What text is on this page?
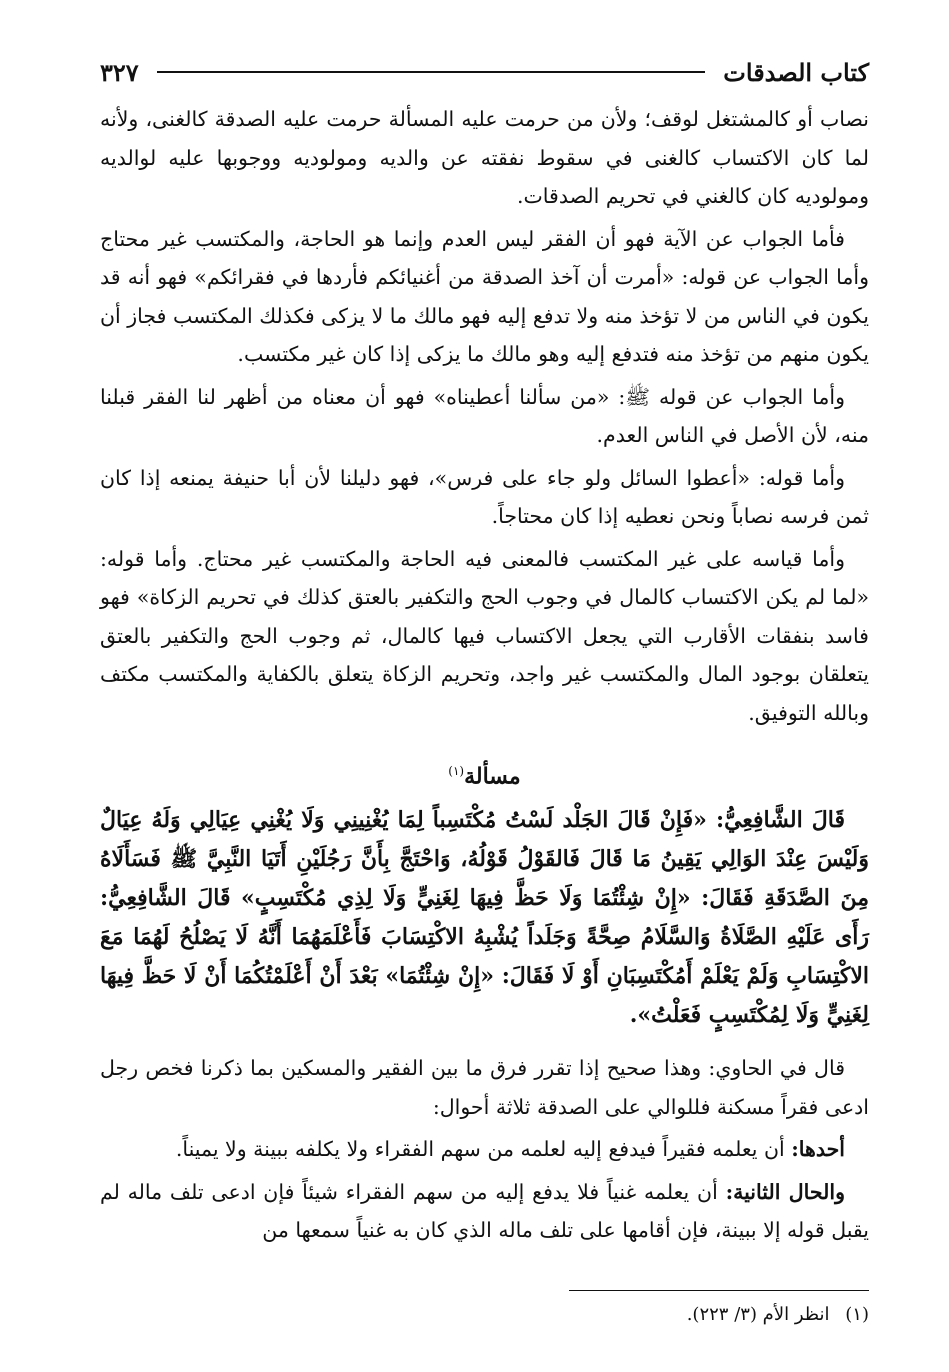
كتاب الصدقات
٣٢٧

نصاب أو كالمشتغل لوقف؛ ولأن من حرمت عليه المسألة حرمت عليه الصدقة كالغنى، ولأنه لما كان الاكتساب كالغنى في سقوط نفقته عن والديه ومولوديه ووجوبها عليه لوالديه ومولوديه كان كالغني في تحريم الصدقات.

فأما الجواب عن الآية فهو أن الفقر ليس العدم وإنما هو الحاجة، والمكتسب غير محتاج وأما الجواب عن قوله: «أمرت أن آخذ الصدقة من أغنيائكم فأردها في فقرائكم» فهو أنه قد يكون في الناس من لا تؤخذ منه ولا تدفع إليه فهو مالك ما لا يزكى فكذلك المكتسب فجاز أن يكون منهم من تؤخذ منه فتدفع إليه وهو مالك ما يزكى إذا كان غير مكتسب.

وأما الجواب عن قوله ﷺ: «من سألنا أعطيناه» فهو أن معناه من أظهر لنا الفقر قبلنا منه، لأن الأصل في الناس العدم.

وأما قوله: «أعطوا السائل ولو جاء على فرس»، فهو دليلنا لأن أبا حنيفة يمنعه إذا كان ثمن فرسه نصاباً ونحن نعطيه إذا كان محتاجاً.

وأما قياسه على غير المكتسب فالمعنى فيه الحاجة والمكتسب غير محتاج. وأما قوله: «لما لم يكن الاكتساب كالمال في وجوب الحج والتكفير بالعتق كذلك في تحريم الزكاة» فهو فاسد بنفقات الأقارب التي يجعل الاكتساب فيها كالمال، ثم وجوب الحج والتكفير بالعتق يتعلقان بوجود المال والمكتسب غير واجد، وتحريم الزكاة يتعلق بالكفاية والمكتسب مكتف وبالله التوفيق.

مسألة$^{(١)}$

قَالَ الشَّافِعِيُّ: «فَإِنْ قَالَ الجَلْد لَسْتُ مُكْتَسِباً لِمَا يُغْنِينِي وَلَا يُغْنِي عِيَالِي وَلَهُ عِيَالٌ وَلَيْسَ عِنْدَ الوَالِي يَقِينُ مَا قَالَ فَالقَوْلُ قَوْلُهُ، وَاحْتَجَّ بِأَنَّ رَجُلَيْنِ أَتَيَا النَّبِيَّ ﷺ فَسَأَلَاهُ مِنَ الصَّدَقَةِ فَقَالَ: «إِنْ شِئْتُمَا وَلَا حَظَّ فِيهَا لِغَنِيٍّ وَلَا لِذِي مُكْتَسِبٍ» قَالَ الشَّافِعِيُّ: رَأَى عَلَيْهِ الصَّلَاةُ وَالسَّلَامُ صِحَّةً وَجَلَداً يُشْبِهُ الاكْتِسَابَ فَأَعْلَمَهُمَا أَنَّهُ لَا يَصْلُحُ لَهُمَا مَعَ الاكْتِسَابِ وَلَمْ يَعْلَمْ أَمُكْتَسِبَانِ أَوْ لَا فَقَالَ: «إِنْ شِئْتُمَا» بَعْدَ أَنْ أَعْلَمْتُكُمَا أَنْ لَا حَظَّ فِيهَا لِغَنِيٍّ وَلَا لِمُكْتَسِبٍ فَعَلْتُ».

قال في الحاوي: وهذا صحيح إذا تقرر فرق ما بين الفقير والمسكين بما ذكرنا فخص رجل ادعى فقراً مسكنة فللوالي على الصدقة ثلاثة أحوال:

أحدها: أن يعلمه فقيراً فيدفع إليه لعلمه من سهم الفقراء ولا يكلفه ببينة ولا يميناً.

والحال الثانية: أن يعلمه غنياً فلا يدفع إليه من سهم الفقراء شيئاً فإن ادعى تلف ماله لم يقبل قوله إلا ببينة، فإن أقامها على تلف ماله الذي كان به غنياً سمعها من

(١) انظر الأم (٣/ ٢٢٣).
